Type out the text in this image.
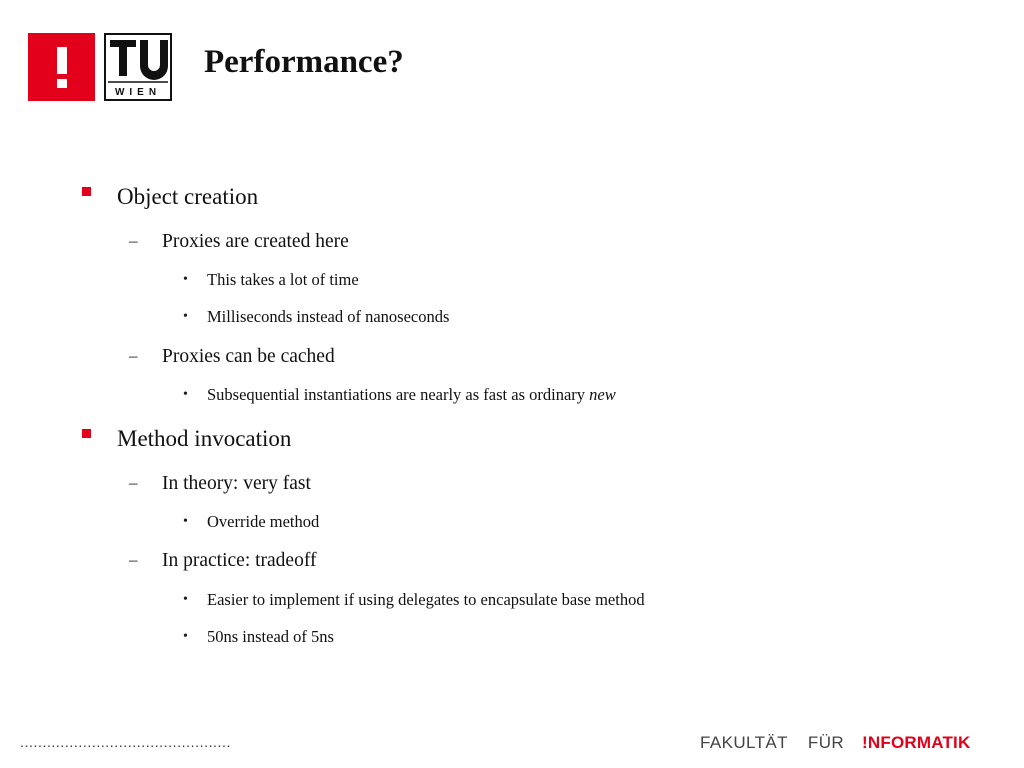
WIEN
Performance?
Object creation
– Proxies are created here
• This takes a lot of time
• Milliseconds instead of nanoseconds
– Proxies can be cached
• Subsequential instantiations are nearly as fast as ordinary new
Method invocation
– In theory: very fast
• Override method
– In practice: tradeoff
• Easier to implement if using delegates to encapsulate base method
• 50ns instead of 5ns
...............................................	FAKULTÄT FÜR !NFORMATIK
